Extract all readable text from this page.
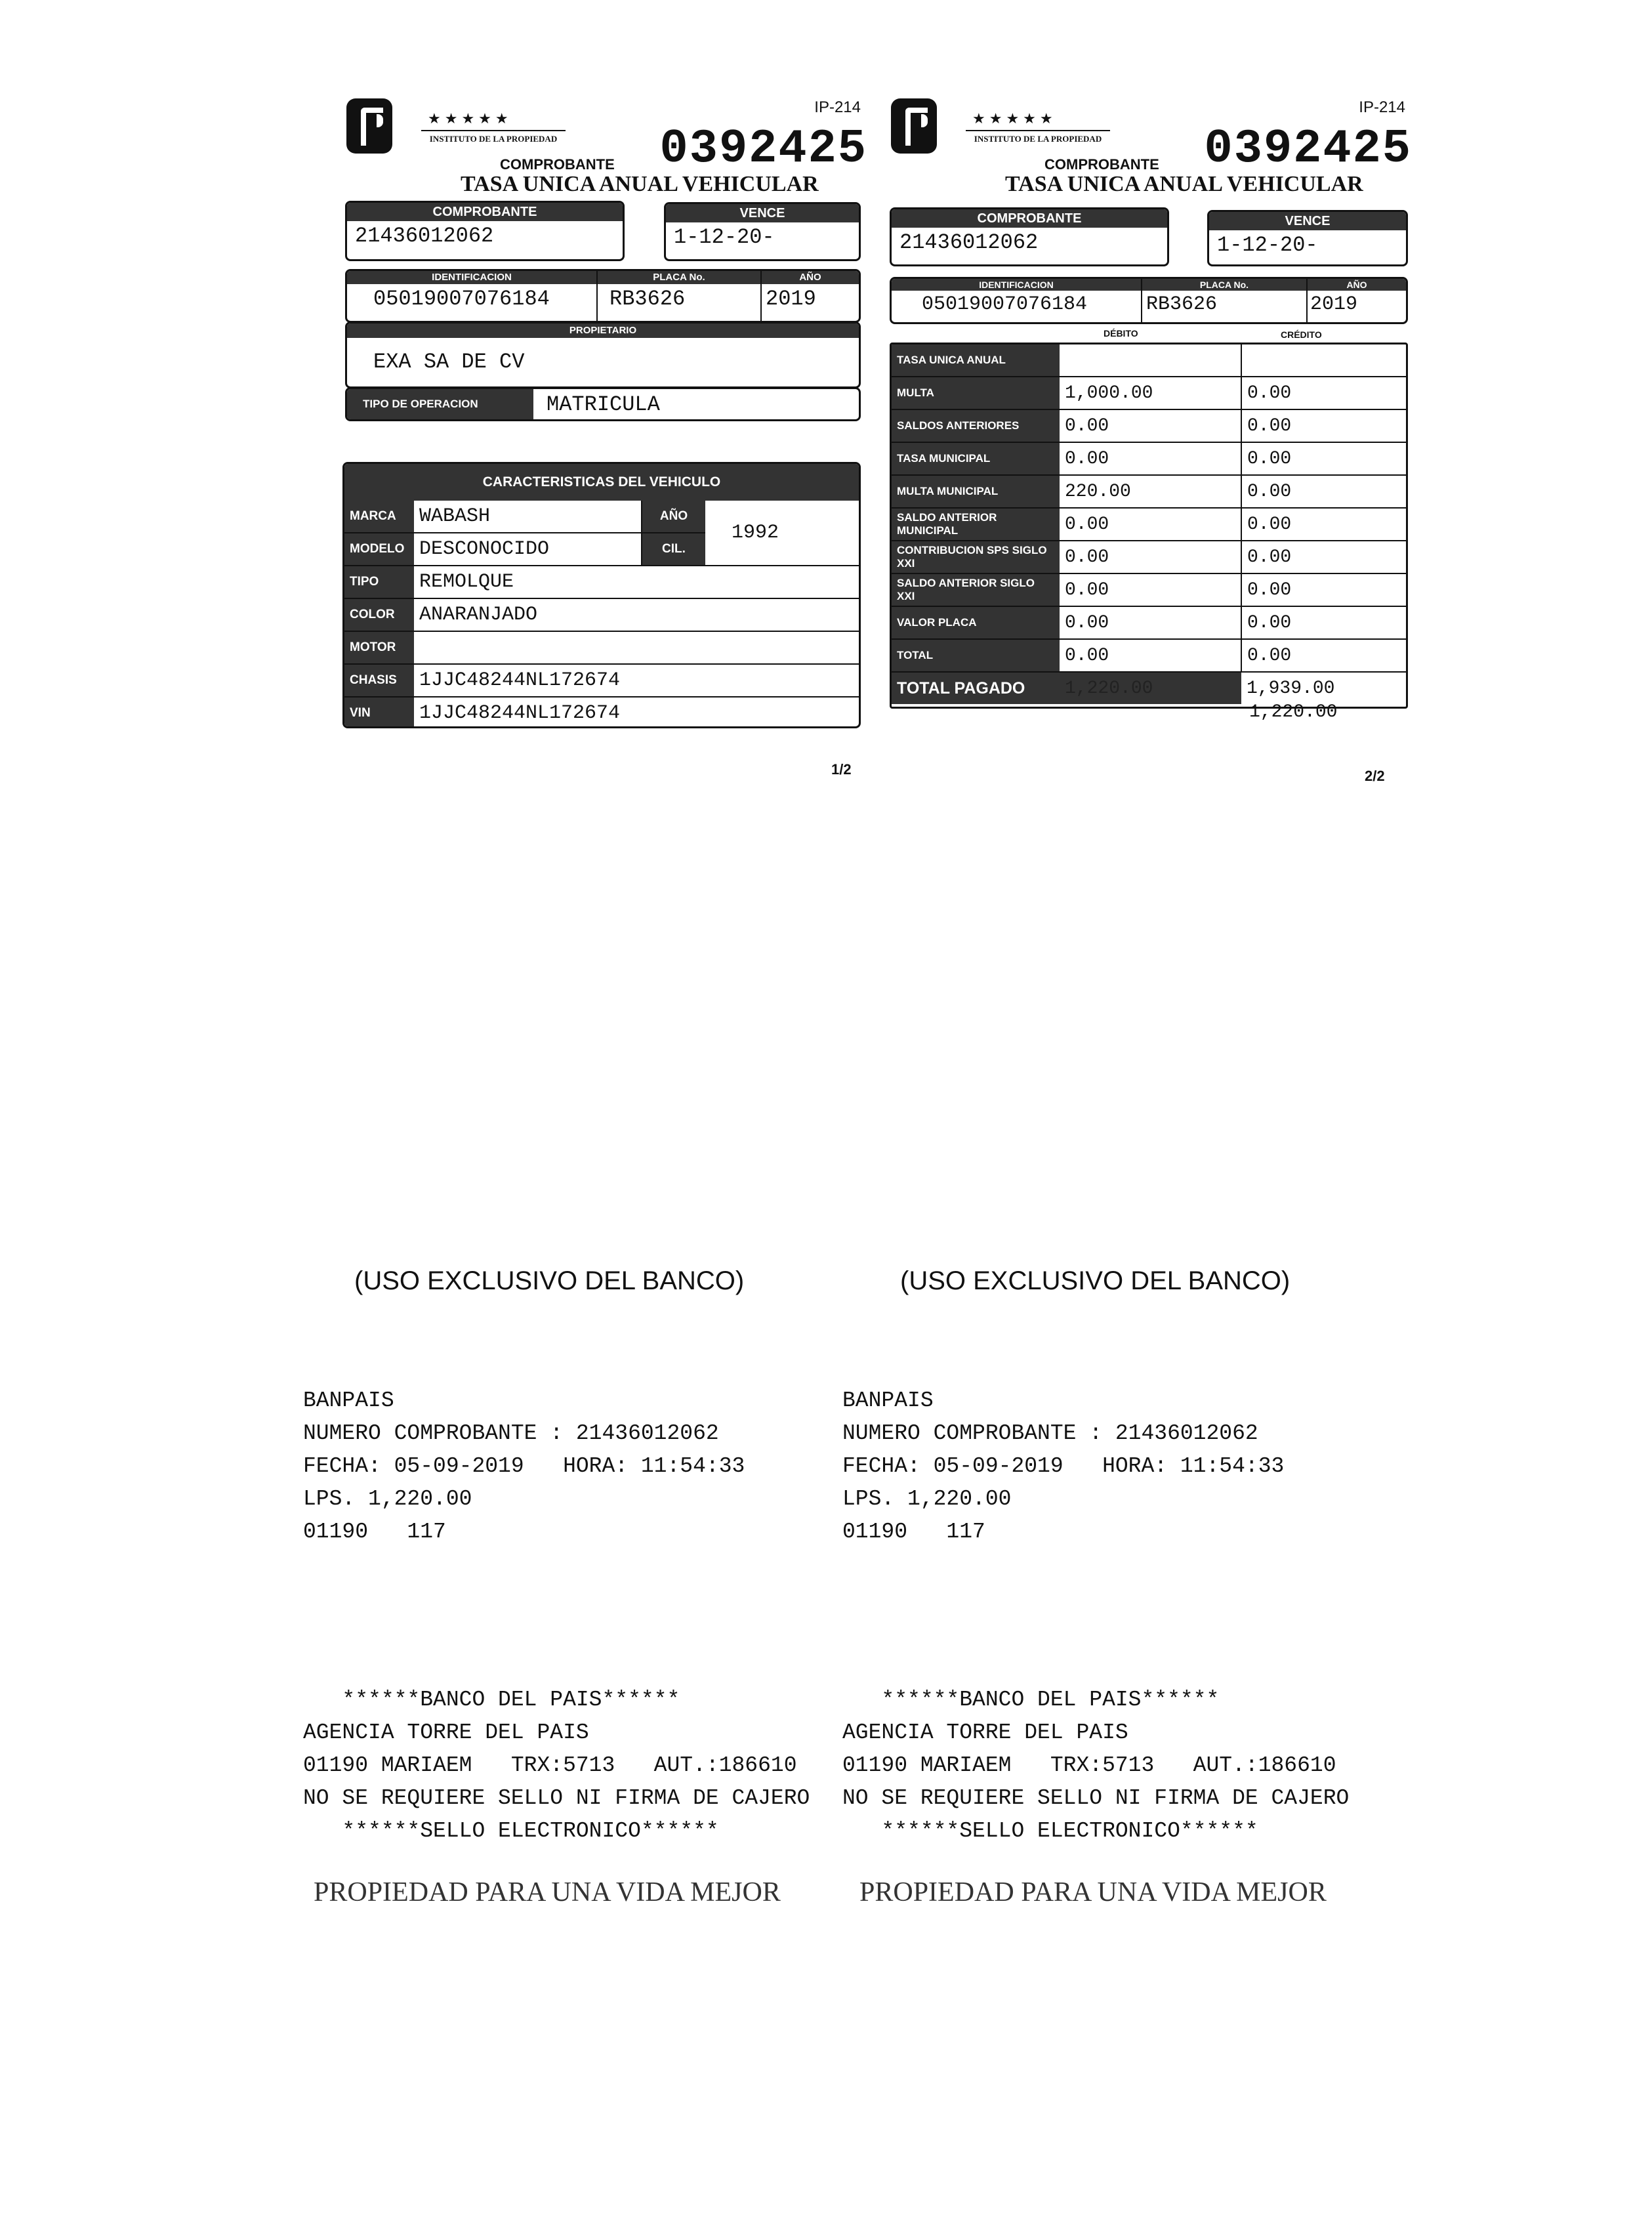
★★★★★
INSTITUTO DE LA PROPIEDAD
IP-214
0392425
COMPROBANTE
TASA UNICA ANUAL VEHICULAR
COMPROBANTE
21436012062
VENCE
1-12-20-
IDENTIFICACION
05019007076184
PLACA No.
RB3626
AÑO
2019
PROPIETARIO
EXA SA DE CV
TIPO DE OPERACION	MATRICULA
CARACTERISTICAS DEL VEHICULO
MARCA	WABASH	AÑO	1992
MODELO	DESCONOCIDO	CIL.	
TIPO	REMOLQUE		
COLOR	ANARANJADO		
MOTOR			
CHASIS	1JJC48244NL172674		
VIN	1JJC48244NL172674		
1/2
★★★★★
INSTITUTO DE LA PROPIEDAD
IP-214
0392425
COMPROBANTE
TASA UNICA ANUAL VEHICULAR
COMPROBANTE
21436012062
VENCE
1-12-20-
IDENTIFICACION
05019007076184
PLACA No.
RB3626
AÑO
2019
DÉBITO	CRÉDITO
TASA UNICA ANUAL		
MULTA	1,000.00	0.00
SALDOS ANTERIORES	0.00	0.00
TASA MUNICIPAL	0.00	0.00
MULTA MUNICIPAL	220.00	0.00
SALDO ANTERIOR MUNICIPAL	0.00	0.00
CONTRIBUCION SPS SIGLO XXI	0.00	0.00
SALDO ANTERIOR SIGLO XXI	0.00	0.00
VALOR PLACA	0.00	0.00
TOTAL	0.00	0.00
TOTAL PAGADO	1,220.00	1,939.00
1,220.00
2/2
(USO EXCLUSIVO DEL BANCO)	(USO EXCLUSIVO DEL BANCO)
BANPAIS
NUMERO COMPROBANTE : 21436012062
FECHA: 05-09-2019   HORA: 11:54:33
LPS. 1,220.00
01190   117
BANPAIS
NUMERO COMPROBANTE : 21436012062
FECHA: 05-09-2019   HORA: 11:54:33
LPS. 1,220.00
01190   117
******BANCO DEL PAIS******
AGENCIA TORRE DEL PAIS
01190 MARIAEM   TRX:5713   AUT.:186610
NO SE REQUIERE SELLO NI FIRMA DE CAJERO
******SELLO ELECTRONICO******
******BANCO DEL PAIS******
AGENCIA TORRE DEL PAIS
01190 MARIAEM   TRX:5713   AUT.:186610
NO SE REQUIERE SELLO NI FIRMA DE CAJERO
******SELLO ELECTRONICO******
PROPIEDAD PARA UNA VIDA MEJOR	PROPIEDAD PARA UNA VIDA MEJOR
